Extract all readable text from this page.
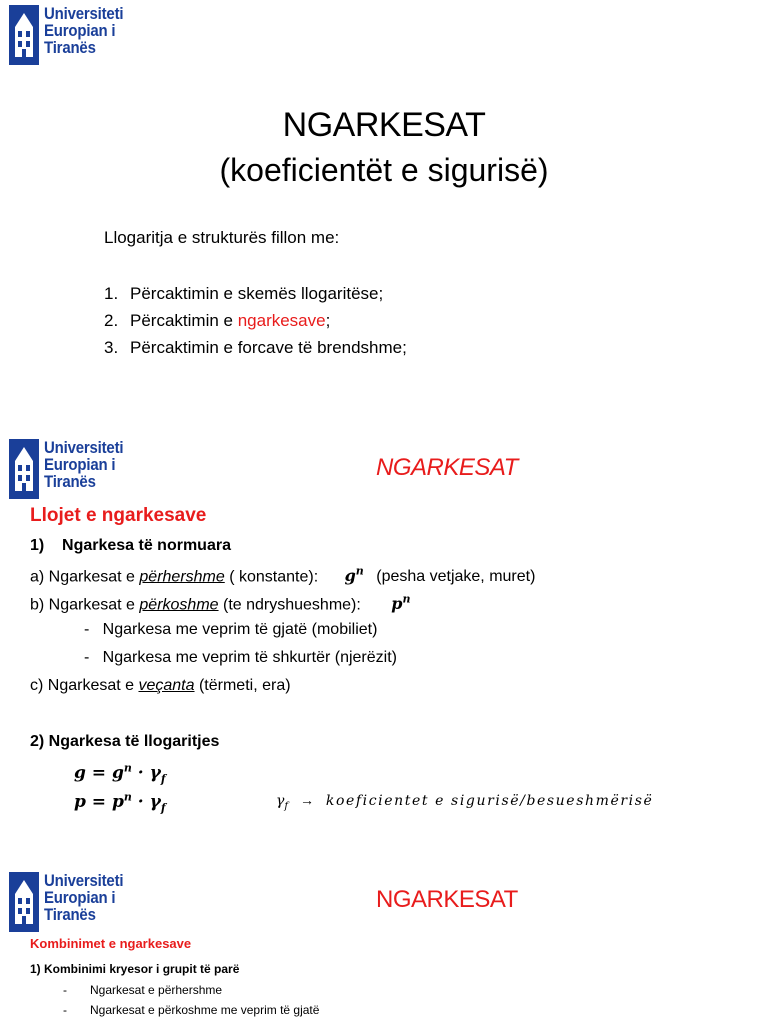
Universiteti
Europian i
Tiranës
NGARKESAT
(koeficientët e sigurisë)
Llogaritja e strukturës fillon me:
1. Përcaktimin e skemës llogaritëse;
2. Përcaktimin e ngarkesave;
3. Përcaktimin e forcave të brendshme;
Universiteti
Europian i
Tiranës
NGARKESAT
Llojet e ngarkesave
1)    Ngarkesa të normuara
a) Ngarkesat e përhershme ( konstante): $g^n$ (pesha vetjake, muret)
b) Ngarkesat e përkoshme (te ndryshueshme): $p^n$
-   Ngarkesa me veprim të gjatë (mobiliet)
-   Ngarkesa me veprim të shkurtër (njerëzit)
c) Ngarkesat e veçanta (tërmeti, era)
2) Ngarkesa të llogaritjes
$g = g^n \cdot \gamma_f$
$p = p^n \cdot \gamma_f$	$\gamma_f$ → koeficientet e sigurisë/besueshmërisë
Universiteti
Europian i
Tiranës
NGARKESAT
Kombinimet e ngarkesave
1) Kombinimi kryesor i grupit të parë
- Ngarkesat e përhershme
- Ngarkesat e përkoshme me veprim të gjatë
